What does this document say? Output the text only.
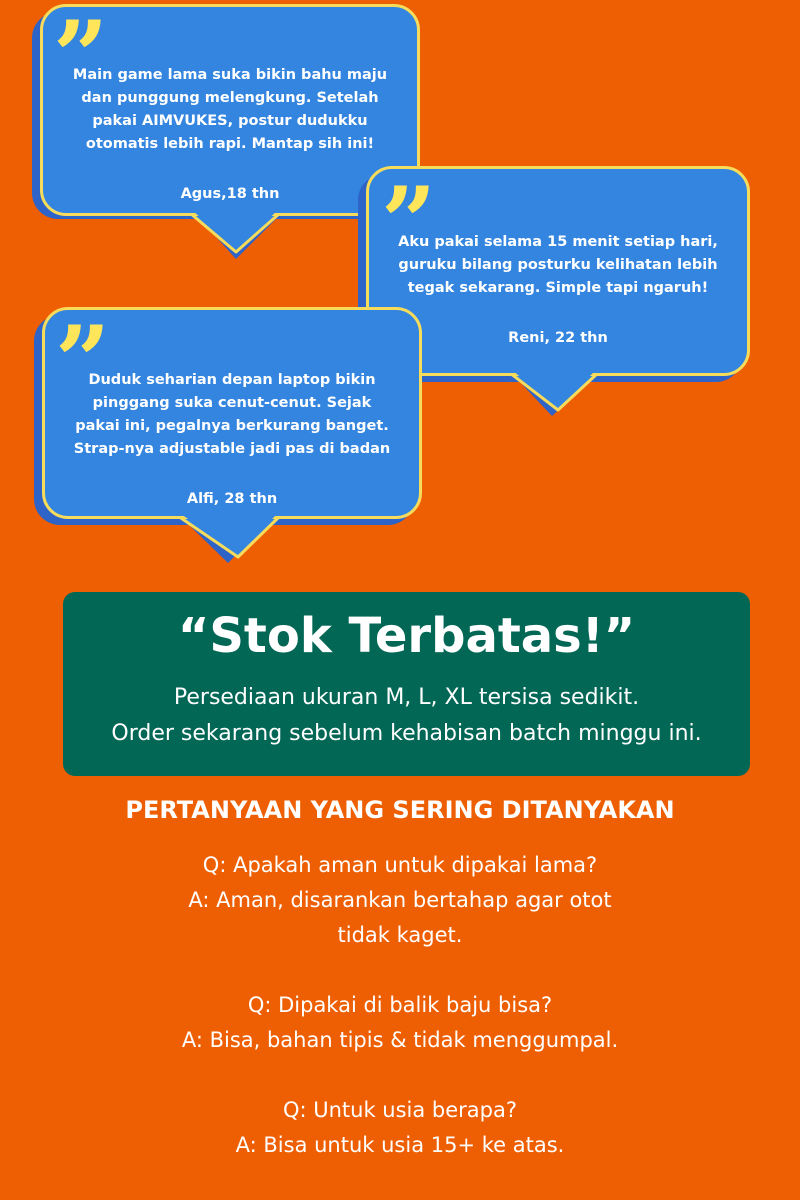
”
Main game lama suka bikin bahu maju
dan punggung melengkung. Setelah
pakai AIMVUKES, postur dudukku
otomatis lebih rapi. Mantap sih ini!
Agus,18 thn	”
Aku pakai selama 15 menit setiap hari,
guruku bilang posturku kelihatan lebih
tegak sekarang. Simple tapi ngaruh!
Reni, 22 thn
”
Duduk seharian depan laptop bikin
pinggang suka cenut-cenut. Sejak
pakai ini, pegalnya berkurang banget.
Strap-nya adjustable jadi pas di badan
Alfi, 28 thn
“Stok Terbatas!”
Persediaan ukuran M, L, XL tersisa sedikit.
Order sekarang sebelum kehabisan batch minggu ini.
PERTANYAAN YANG SERING DITANYAKAN
Q: Apakah aman untuk dipakai lama?
A: Aman, disarankan bertahap agar otot
tidak kaget.
Q: Dipakai di balik baju bisa?
A: Bisa, bahan tipis & tidak menggumpal.
Q: Untuk usia berapa?
A: Bisa untuk usia 15+ ke atas.
